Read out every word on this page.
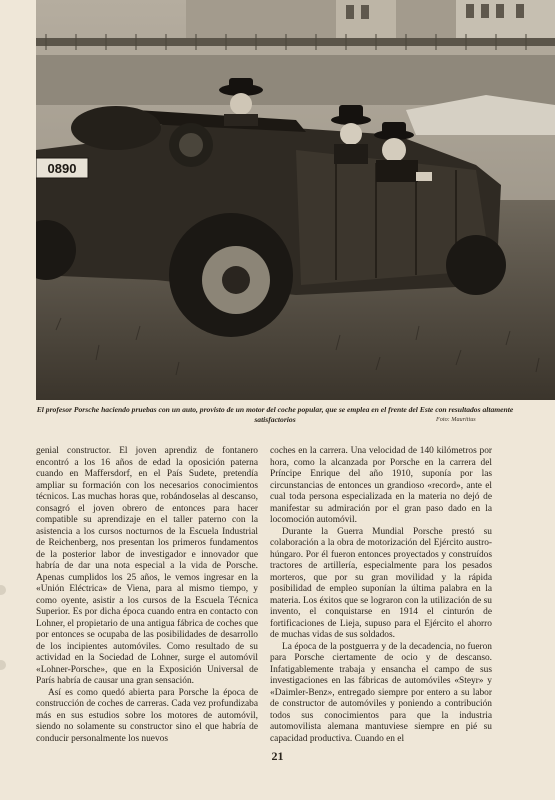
0890
El profesor Porsche haciendo pruebas con un auto, provisto de un motor del coche popular, que se emplea en el frente del Este con resultados altamente satisfactorios	Foto: Mauritius

genial constructor. El joven aprendiz de fontanero encontró a los 16 años de edad la oposición paterna cuando en Maffersdorf, en el País Sudete, pretendía ampliar su formación con los necesarios conocimientos técnicos. Las muchas horas que, robándoselas al descanso, consagró el joven obrero de entonces para hacer compatible su aprendizaje en el taller paterno con la asistencia a los cursos nocturnos de la Escuela Industrial de Reichenberg, nos presentan los primeros fundamentos de la posterior labor de investigador e innovador que habría de dar una nota especial a la vida de Porsche. Apenas cumplidos los 25 años, le vemos ingresar en la «Unión Eléctrica» de Viena, para al mismo tiempo, y como oyente, asistir a los cursos de la Escuela Técnica Superior. Es por dicha época cuando entra en contacto con Lohner, el propietario de una antigua fábrica de coches que por entonces se ocupaba de las posibilidades de desarrollo de los incipientes automóviles. Como resultado de su actividad en la Sociedad de Lohner, surge el automóvil «Lohner-Porsche», que en la Exposición Universal de París habría de causar una gran sensación.

Así es como quedó abierta para Porsche la época de construcción de coches de carreras. Cada vez profundizaba más en sus estudios sobre los motores de automóvil, siendo no solamente su constructor sino el que habría de conducir personalmente los nuevos

coches en la carrera. Una velocidad de 140 kilómetros por hora, como la alcanzada por Porsche en la carrera del Príncipe Enrique del año 1910, suponía por las circunstancias de entonces un grandioso «record», ante el cual toda persona especializada en la materia no dejó de manifestar su admiración por el gran paso dado en la locomoción automóvil.

Durante la Guerra Mundial Porsche prestó su colaboración a la obra de motorización del Ejército austro-húngaro. Por él fueron entonces proyectados y construídos tractores de artillería, especialmente para los pesados morteros, que por su gran movilidad y la rápida posibilidad de empleo suponían la última palabra en la materia. Los éxitos que se lograron con la utilización de su invento, el conquistarse en 1914 el cinturón de fortificaciones de Lieja, supuso para el Ejército el ahorro de muchas vidas de sus soldados.

La época de la postguerra y de la decadencia, no fueron para Porsche ciertamente de ocio y de descanso. Infatigablemente trabaja y ensancha el campo de sus investigaciones en las fábricas de automóviles «Steyr» y «Daimler-Benz», entregado siempre por entero a su labor de constructor de automóviles y poniendo a contribución todos sus conocimientos para que la industria automovilista alemana mantuviese siempre en pié su capacidad productiva. Cuando en el

21
